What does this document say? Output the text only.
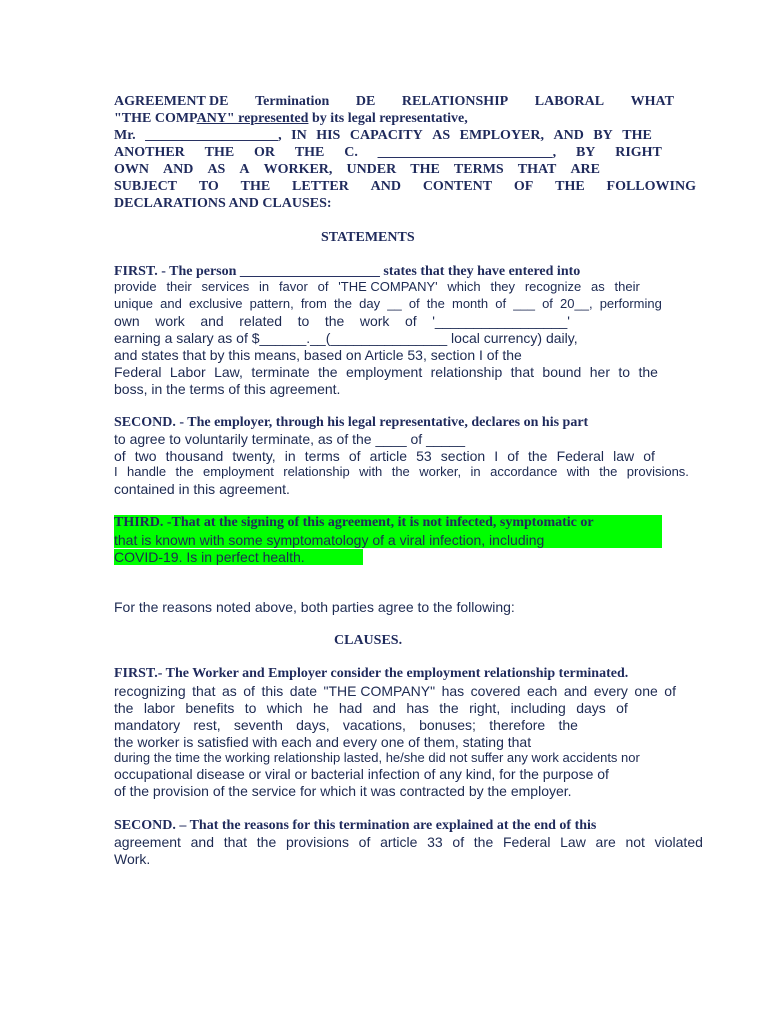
AGREEMENT DE Termination DE RELATIONSHIP LABORAL WHAT
"THE COMPANY" represented by its legal representative,
Mr. ___________________, IN HIS CAPACITY AS EMPLOYER, AND BY THE
ANOTHER THE OR THE C. _________________________, BY RIGHT
OWN AND AS A WORKER, UNDER THE TERMS THAT ARE
SUBJECT TO THE LETTER AND CONTENT OF THE FOLLOWING
DECLARATIONS AND CLAUSES:
STATEMENTS
FIRST. - The person ____________________ states that they have entered into
provide their services in favor of 'THE COMPANY' which they recognize as their
unique and exclusive pattern, from the day __ of the month of ___ of 20__, performing
own work and related to the work of '_________________'
earning a salary as of $______.__(_______________ local currency) daily,
and states that by this means, based on Article 53, section I of the
Federal Labor Law, terminate the employment relationship that bound her to the
boss, in the terms of this agreement.
SECOND. - The employer, through his legal representative, declares on his part
to agree to voluntarily terminate, as of the ____ of _____
of two thousand twenty, in terms of article 53 section I of the Federal law of
I handle the employment relationship with the worker, in accordance with the provisions.
contained in this agreement.
THIRD. -That at the signing of this agreement, it is not infected, symptomatic or
that is known with some symptomatology of a viral infection, including
COVID-19. Is in perfect health.
For the reasons noted above, both parties agree to the following:
CLAUSES.
FIRST.- The Worker and Employer consider the employment relationship terminated.
recognizing that as of this date "THE COMPANY" has covered each and every one of
the labor benefits to which he had and has the right, including days of
mandatory rest, seventh days, vacations, bonuses; therefore the
the worker is satisfied with each and every one of them, stating that
during the time the working relationship lasted, he/she did not suffer any work accidents nor
occupational disease or viral or bacterial infection of any kind, for the purpose of
of the provision of the service for which it was contracted by the employer.
SECOND. – That the reasons for this termination are explained at the end of this
agreement and that the provisions of article 33 of the Federal Law are not violated
Work.
